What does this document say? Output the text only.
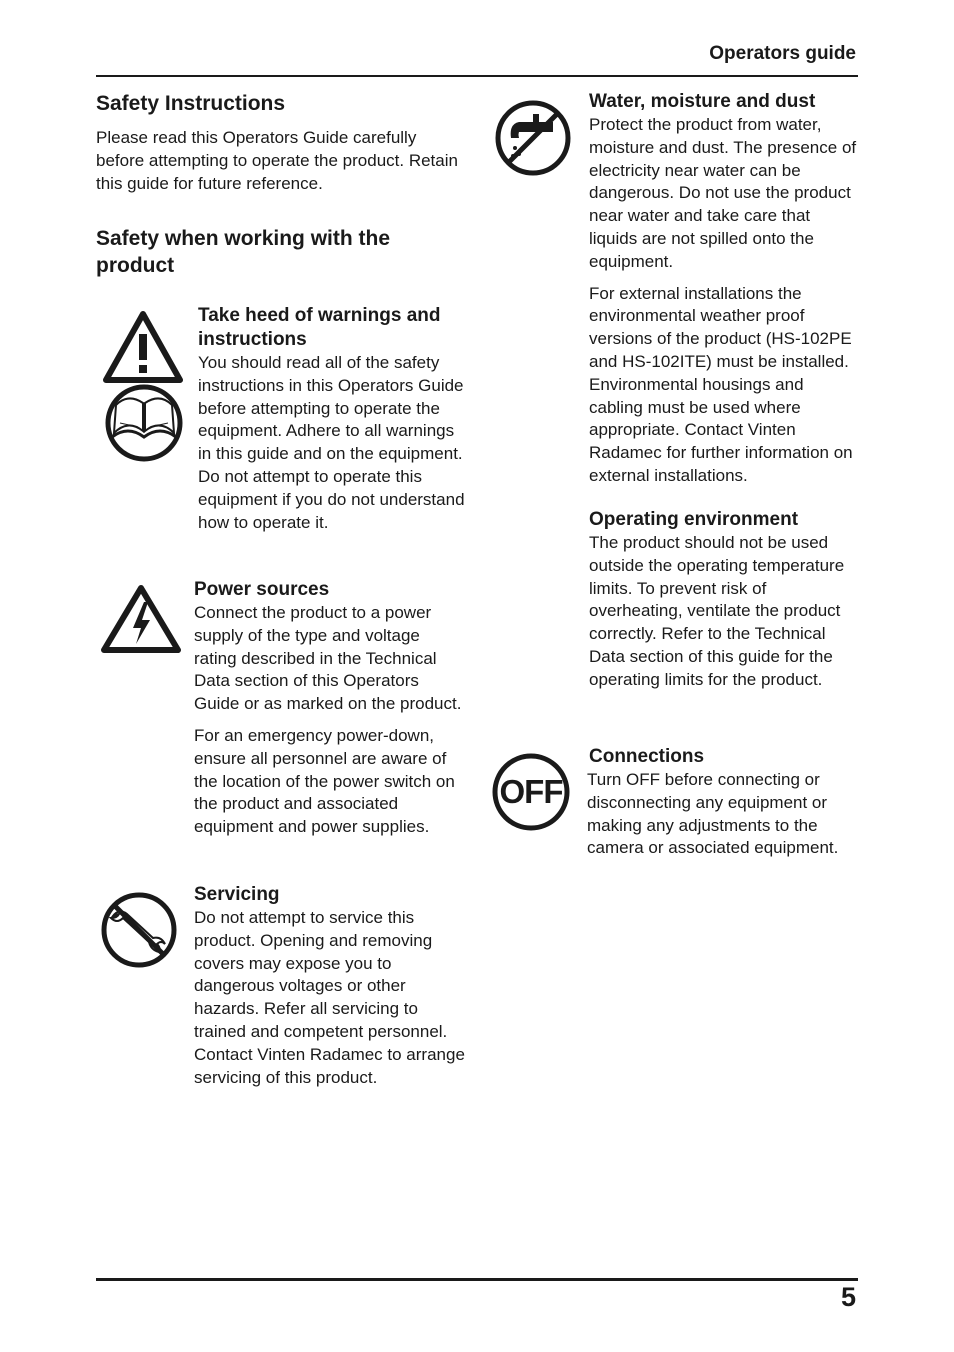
Operators guide
Safety Instructions

Please read this Operators Guide carefully before attempting to operate the product. Retain this guide for future reference.

Safety when working with the product
Take heed of warnings and instructions

You should read all of the safety instructions in this Operators Guide before attempting to operate the equipment. Adhere to all warnings in this guide and on the equipment. Do not attempt to operate this equipment if you do not understand how to operate it.

Power sources

Connect the product to a power supply of the type and voltage rating described in the Technical Data section of this Operators Guide or as marked on the product.

For an emergency power-down, ensure all personnel are aware of the location of the power switch on the product and associated equipment and power supplies.

Servicing

Do not attempt to service this product. Opening and removing covers may expose you to dangerous voltages or other hazards. Refer all servicing to trained and competent personnel. Contact Vinten Radamec to arrange servicing of this product.

Water, moisture and dust

Protect the product from water, moisture and dust. The presence of electricity near water can be dangerous. Do not use the product near water and take care that liquids are not spilled onto the equipment.

For external installations the environmental weather proof versions of the product (HS-102PE and HS-102ITE) must be installed. Environmental housings and cabling must be used where appropriate. Contact Vinten Radamec for further information on external installations.

Operating environment

The product should not be used outside the operating temperature limits. To prevent risk of overheating, ventilate the product correctly. Refer to the Technical Data section of this guide for the operating limits for the product.

OFF
Connections

Turn OFF before connecting or disconnecting any equipment or making any adjustments to the camera or associated equipment.

5
